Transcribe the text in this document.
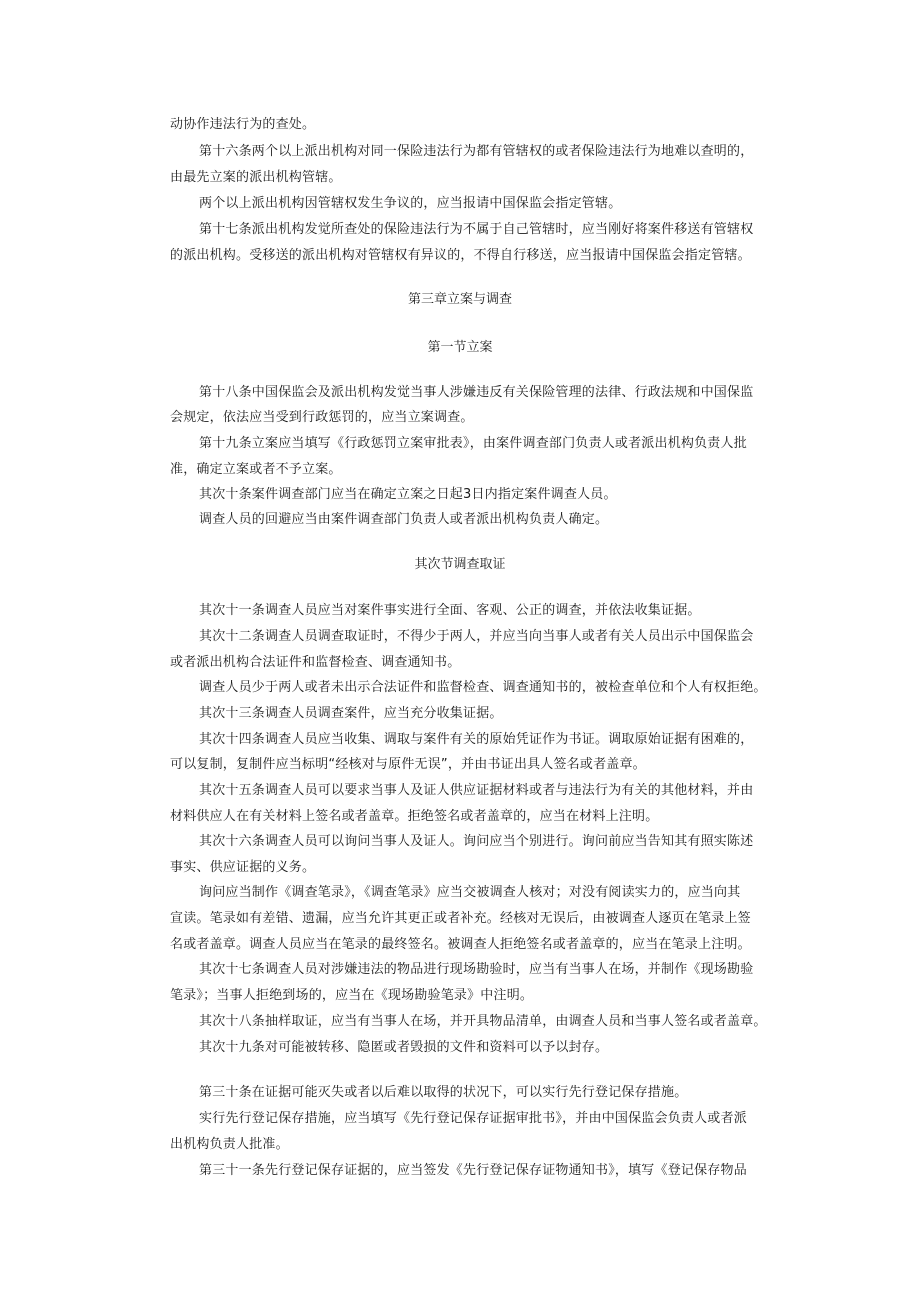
动协作违法行为的查处。
第十六条两个以上派出机构对同一保险违法行为都有管辖权的或者保险违法行为地难以查明的，
由最先立案的派出机构管辖。
两个以上派出机构因管辖权发生争议的，应当报请中国保监会指定管辖。
第十七条派出机构发觉所查处的保险违法行为不属于自己管辖时，应当刚好将案件移送有管辖权
的派出机构。受移送的派出机构对管辖权有异议的，不得自行移送，应当报请中国保监会指定管辖。
第三章立案与调查
第一节立案
第十八条中国保监会及派出机构发觉当事人涉嫌违反有关保险管理的法律、行政法规和中国保监
会规定，依法应当受到行政惩罚的，应当立案调查。
第十九条立案应当填写《行政惩罚立案审批表》，由案件调查部门负责人或者派出机构负责人批
准，确定立案或者不予立案。
其次十条案件调查部门应当在确定立案之日起3日内指定案件调查人员。
调查人员的回避应当由案件调查部门负责人或者派出机构负责人确定。
其次节调查取证
其次十一条调查人员应当对案件事实进行全面、客观、公正的调查，并依法收集证据。
其次十二条调查人员调查取证时，不得少于两人，并应当向当事人或者有关人员出示中国保监会
或者派出机构合法证件和监督检查、调查通知书。
调查人员少于两人或者未出示合法证件和监督检查、调查通知书的，被检查单位和个人有权拒绝。
其次十三条调查人员调查案件，应当充分收集证据。
其次十四条调查人员应当收集、调取与案件有关的原始凭证作为书证。调取原始证据有困难的，
可以复制，复制件应当标明“经核对与原件无误”，并由书证出具人签名或者盖章。
其次十五条调查人员可以要求当事人及证人供应证据材料或者与违法行为有关的其他材料，并由
材料供应人在有关材料上签名或者盖章。拒绝签名或者盖章的，应当在材料上注明。
其次十六条调查人员可以询问当事人及证人。询问应当个别进行。询问前应当告知其有照实陈述
事实、供应证据的义务。
询问应当制作《调查笔录》，《调查笔录》应当交被调查人核对；对没有阅读实力的，应当向其
宣读。笔录如有差错、遗漏，应当允许其更正或者补充。经核对无误后，由被调查人逐页在笔录上签
名或者盖章。调查人员应当在笔录的最终签名。被调查人拒绝签名或者盖章的，应当在笔录上注明。
其次十七条调查人员对涉嫌违法的物品进行现场勘验时，应当有当事人在场，并制作《现场勘验
笔录》；当事人拒绝到场的，应当在《现场勘验笔录》中注明。
其次十八条抽样取证，应当有当事人在场，并开具物品清单，由调查人员和当事人签名或者盖章。
其次十九条对可能被转移、隐匿或者毁损的文件和资料可以予以封存。
第三十条在证据可能灭失或者以后难以取得的状况下，可以实行先行登记保存措施。
实行先行登记保存措施，应当填写《先行登记保存证据审批书》，并由中国保监会负责人或者派
出机构负责人批准。
第三十一条先行登记保存证据的，应当签发《先行登记保存证物通知书》，填写《登记保存物品
